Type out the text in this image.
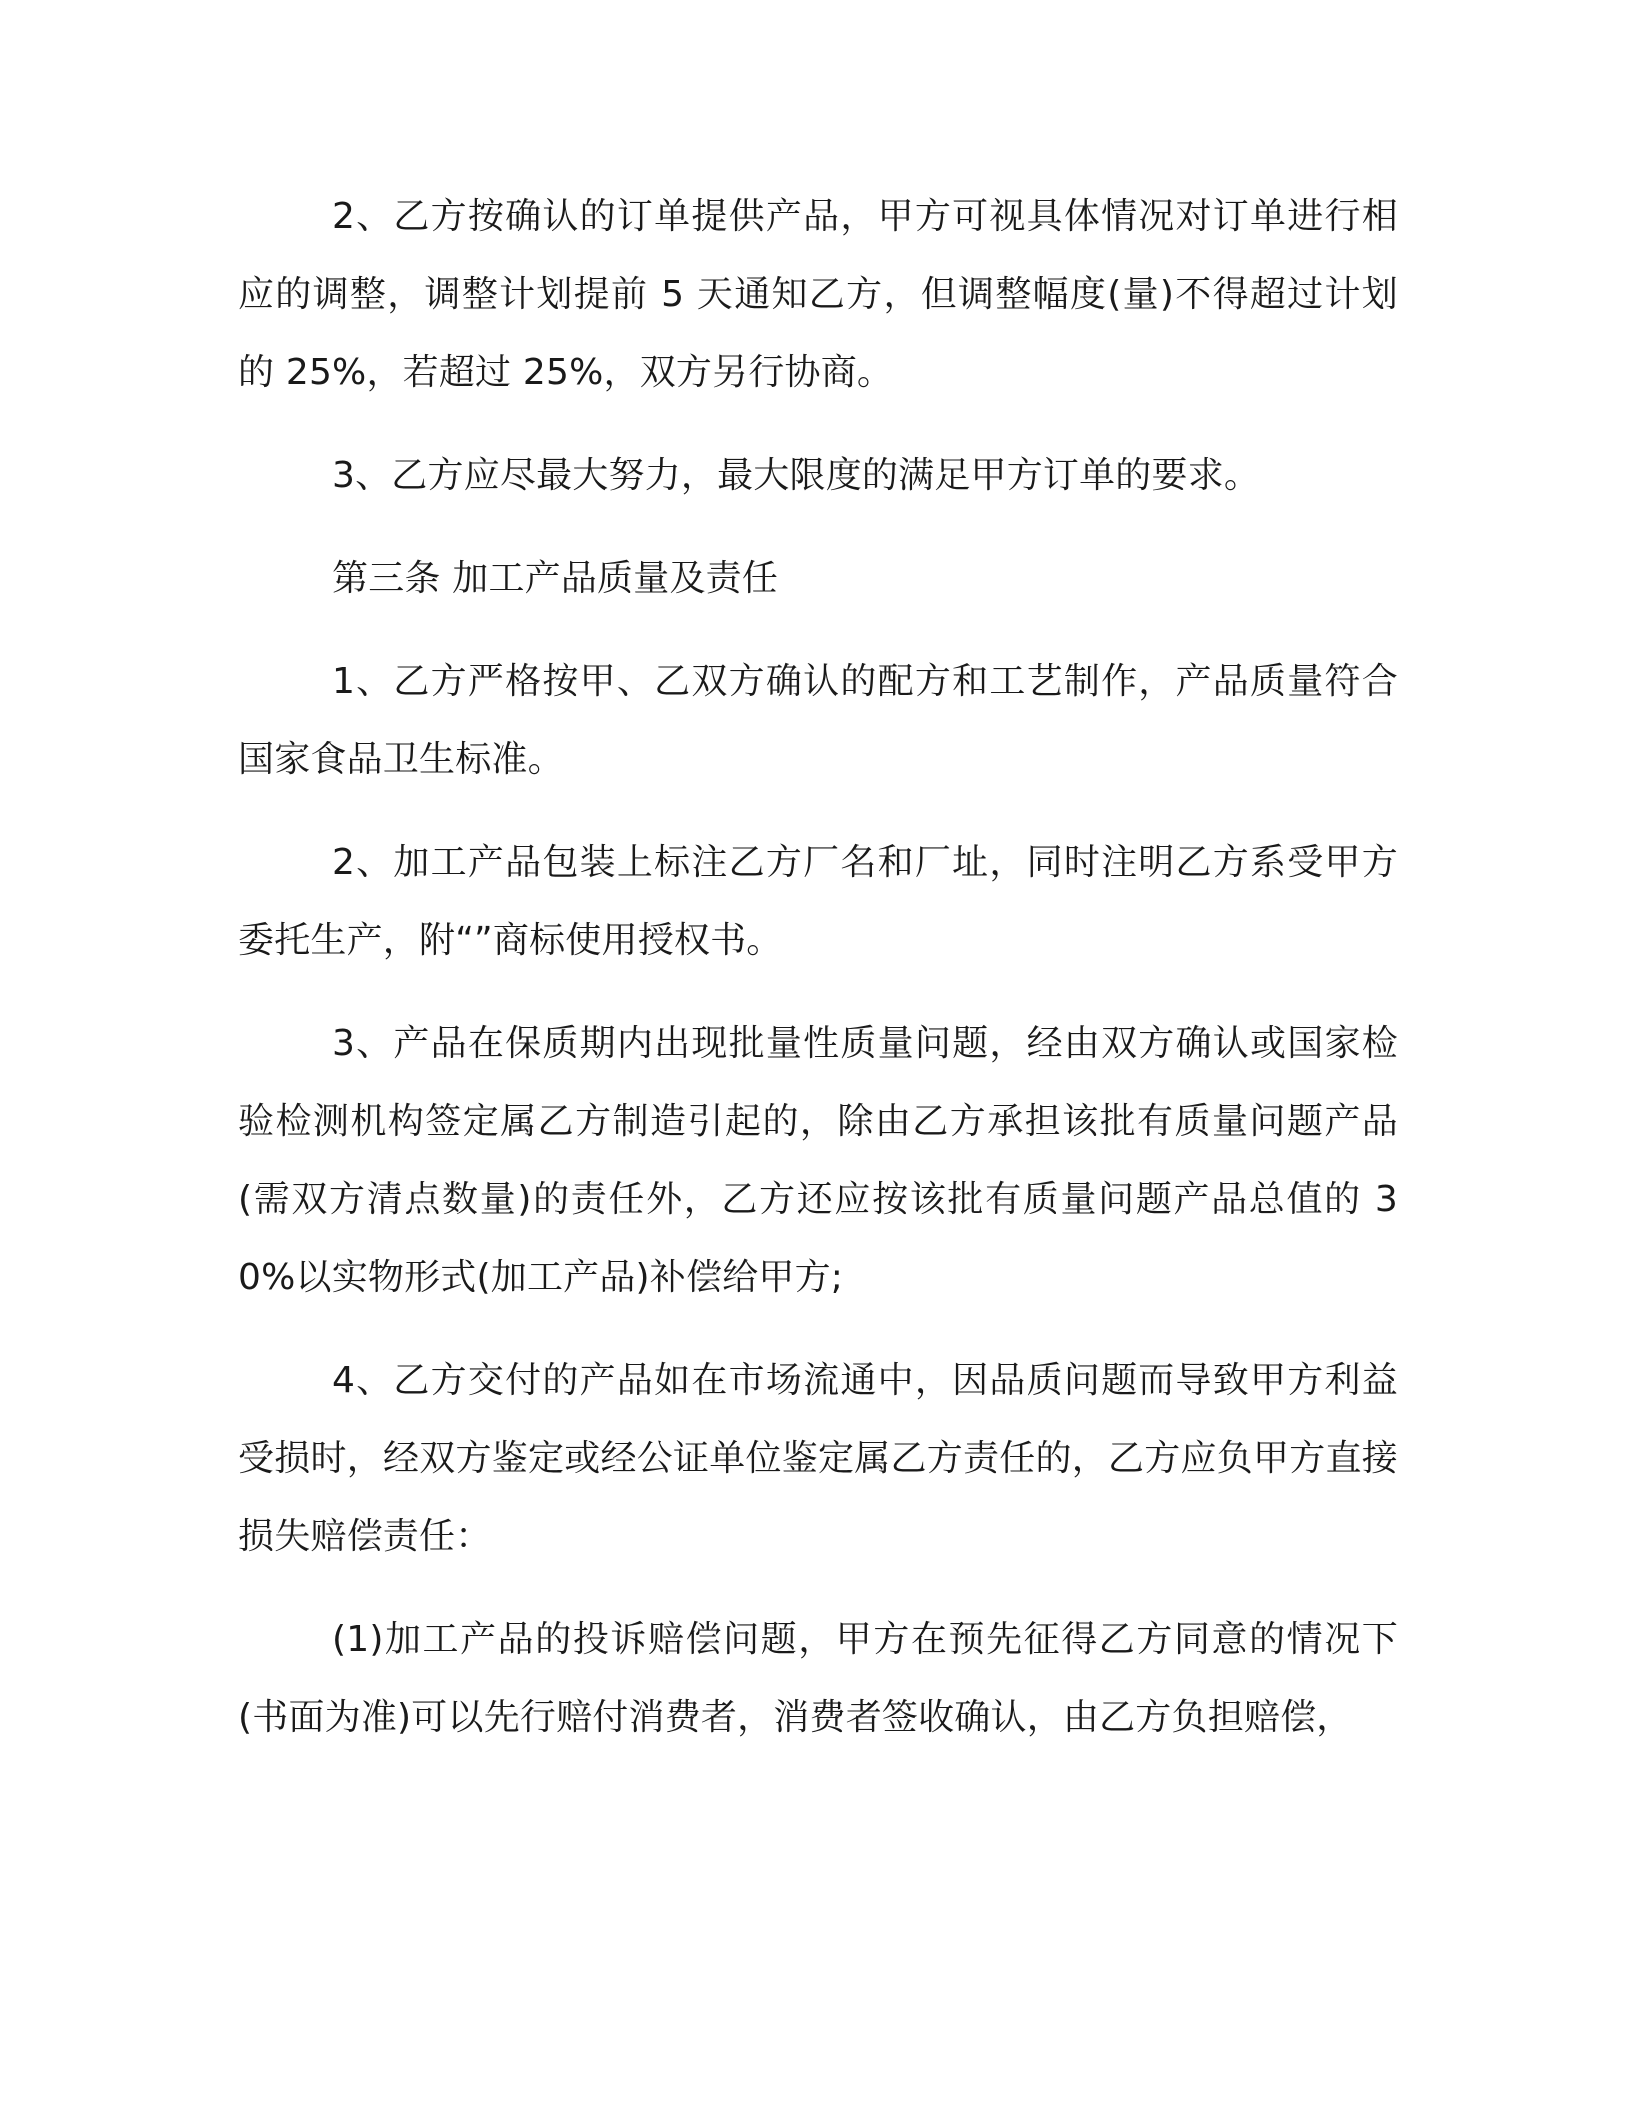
2、乙方按确认的订单提供产品，甲方可视具体情况对订单进行相应的调整，调整计划提前 5 天通知乙方，但调整幅度(量)不得超过计划的 25%，若超过 25%，双方另行协商。

3、乙方应尽最大努力，最大限度的满足甲方订单的要求。

第三条 加工产品质量及责任

1、乙方严格按甲、乙双方确认的配方和工艺制作，产品质量符合国家食品卫生标准。

2、加工产品包装上标注乙方厂名和厂址，同时注明乙方系受甲方委托生产，附“”商标使用授权书。

3、产品在保质期内出现批量性质量问题，经由双方确认或国家检验检测机构签定属乙方制造引起的，除由乙方承担该批有质量问题产品(需双方清点数量)的责任外，乙方还应按该批有质量问题产品总值的 30%以实物形式(加工产品)补偿给甲方;

4、乙方交付的产品如在市场流通中，因品质问题而导致甲方利益受损时，经双方鉴定或经公证单位鉴定属乙方责任的，乙方应负甲方直接损失赔偿责任：

(1)加工产品的投诉赔偿问题，甲方在预先征得乙方同意的情况下(书面为准)可以先行赔付消费者，消费者签收确认，由乙方负担赔偿，
